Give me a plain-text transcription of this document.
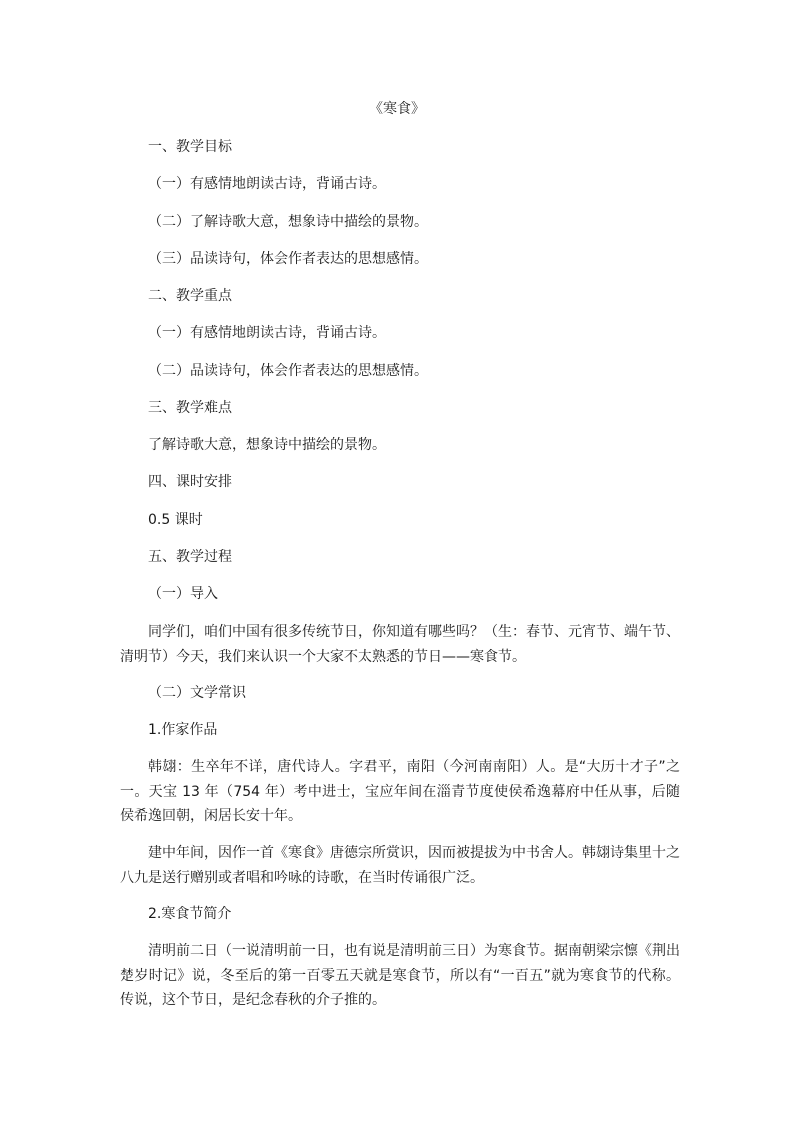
《寒食》
一、教学目标
（一）有感情地朗读古诗，背诵古诗。
（二）了解诗歌大意，想象诗中描绘的景物。
（三）品读诗句，体会作者表达的思想感情。
二、教学重点
（一）有感情地朗读古诗，背诵古诗。
（二）品读诗句，体会作者表达的思想感情。
三、教学难点
了解诗歌大意，想象诗中描绘的景物。
四、课时安排
0.5 课时
五、教学过程
（一）导入
同学们，咱们中国有很多传统节日，你知道有哪些吗？（生：春节、元宵节、端午节、清明节）今天，我们来认识一个大家不太熟悉的节日——寒食节。
（二）文学常识
1.作家作品
韩翃：生卒年不详，唐代诗人。字君平，南阳（今河南南阳）人。是“大历十才子”之一。天宝 13 年（754 年）考中进士，宝应年间在淄青节度使侯希逸幕府中任从事，后随侯希逸回朝，闲居长安十年。
建中年间，因作一首《寒食》唐德宗所赏识，因而被提拔为中书舍人。韩翃诗集里十之八九是送行赠别或者唱和吟咏的诗歌，在当时传诵很广泛。
2.寒食节简介
清明前二日（一说清明前一日，也有说是清明前三日）为寒食节。据南朝梁宗懔《荆出楚岁时记》说，冬至后的第一百零五天就是寒食节，所以有“一百五”就为寒食节的代称。传说，这个节日，是纪念春秋的介子推的。
